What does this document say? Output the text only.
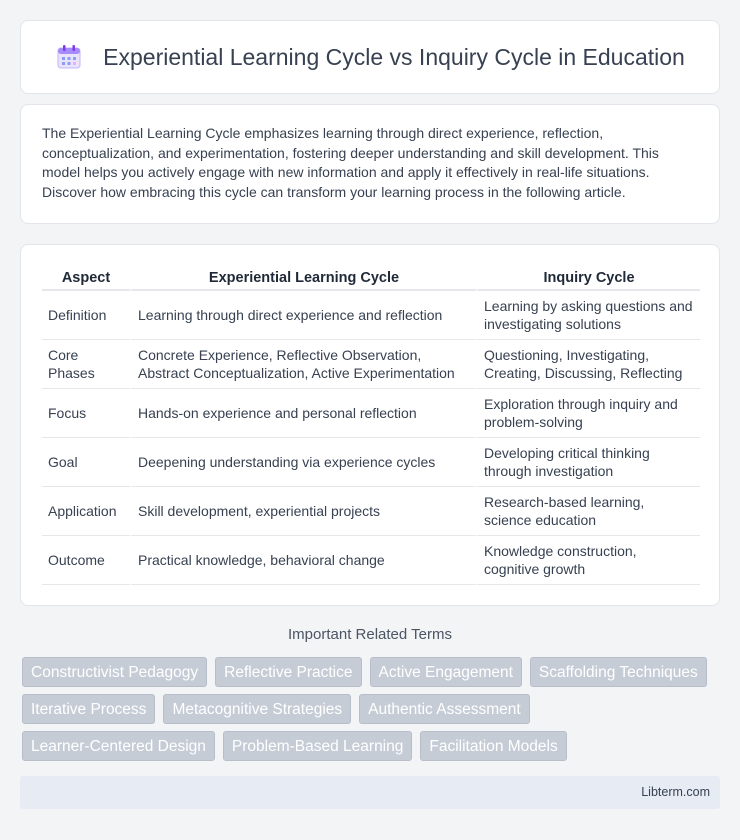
Experiential Learning Cycle vs Inquiry Cycle in Education

The Experiential Learning Cycle emphasizes learning through direct experience, reflection, conceptualization, and experimentation, fostering deeper understanding and skill development. This model helps you actively engage with new information and apply it effectively in real-life situations. Discover how embracing this cycle can transform your learning process in the following article.

Aspect	Experiential Learning Cycle	Inquiry Cycle
Definition	Learning through direct experience and reflection	Learning by asking questions and investigating solutions
Core Phases	Concrete Experience, Reflective Observation, Abstract Conceptualization, Active Experimentation	Questioning, Investigating, Creating, Discussing, Reflecting
Focus	Hands-on experience and personal reflection	Exploration through inquiry and problem-solving
Goal	Deepening understanding via experience cycles	Developing critical thinking through investigation
Application	Skill development, experiential projects	Research-based learning, science education
Outcome	Practical knowledge, behavioral change	Knowledge construction, cognitive growth
Important Related Terms
Constructivist Pedagogy	Reflective Practice	Active Engagement	Scaffolding Techniques
Iterative Process	Metacognitive Strategies	Authentic Assessment
Learner-Centered Design	Problem-Based Learning	Facilitation Models
Libterm.com
